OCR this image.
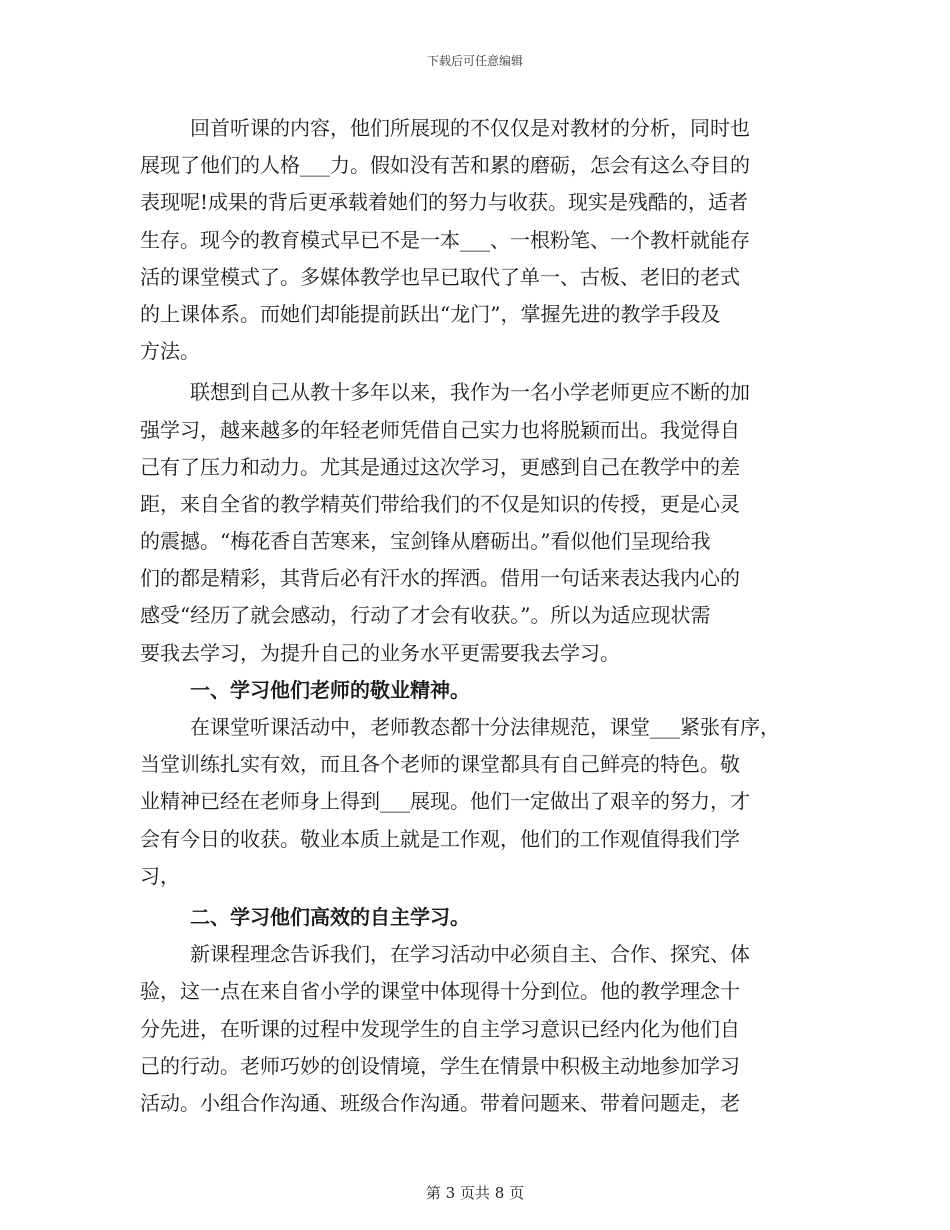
下载后可任意编辑
回首听课的内容，他们所展现的不仅仅是对教材的分析，同时也
展现了他们的人格___力。假如没有苦和累的磨砺，怎会有这么夺目的
表现呢!成果的背后更承载着她们的努力与收获。现实是残酷的，适者
生存。现今的教育模式早已不是一本___、一根粉笔、一个教杆就能存
活的课堂模式了。多媒体教学也早已取代了单一、古板、老旧的老式
的上课体系。而她们却能提前跃出“龙门”，掌握先进的教学手段及
方法。
联想到自己从教十多年以来，我作为一名小学老师更应不断的加
强学习，越来越多的年轻老师凭借自己实力也将脱颖而出。我觉得自
己有了压力和动力。尤其是通过这次学习，更感到自己在教学中的差
距，来自全省的教学精英们带给我们的不仅是知识的传授，更是心灵
的震撼。“梅花香自苦寒来，宝剑锋从磨砺出。”看似他们呈现给我
们的都是精彩，其背后必有汗水的挥洒。借用一句话来表达我内心的
感受“经历了就会感动，行动了才会有收获。”。所以为适应现状需
要我去学习，为提升自己的业务水平更需要我去学习。
一、学习他们老师的敬业精神。
在课堂听课活动中，老师教态都十分法律规范，课堂___紧张有序，
当堂训练扎实有效，而且各个老师的课堂都具有自己鲜亮的特色。敬
业精神已经在老师身上得到___展现。他们一定做出了艰辛的努力，才
会有今日的收获。敬业本质上就是工作观，他们的工作观值得我们学
习，
二、学习他们高效的自主学习。
新课程理念告诉我们，在学习活动中必须自主、合作、探究、体
验，这一点在来自省小学的课堂中体现得十分到位。他的教学理念十
分先进，在听课的过程中发现学生的自主学习意识已经内化为他们自
己的行动。老师巧妙的创设情境，学生在情景中积极主动地参加学习
活动。小组合作沟通、班级合作沟通。带着问题来、带着问题走，老
第 3 页共 8 页
